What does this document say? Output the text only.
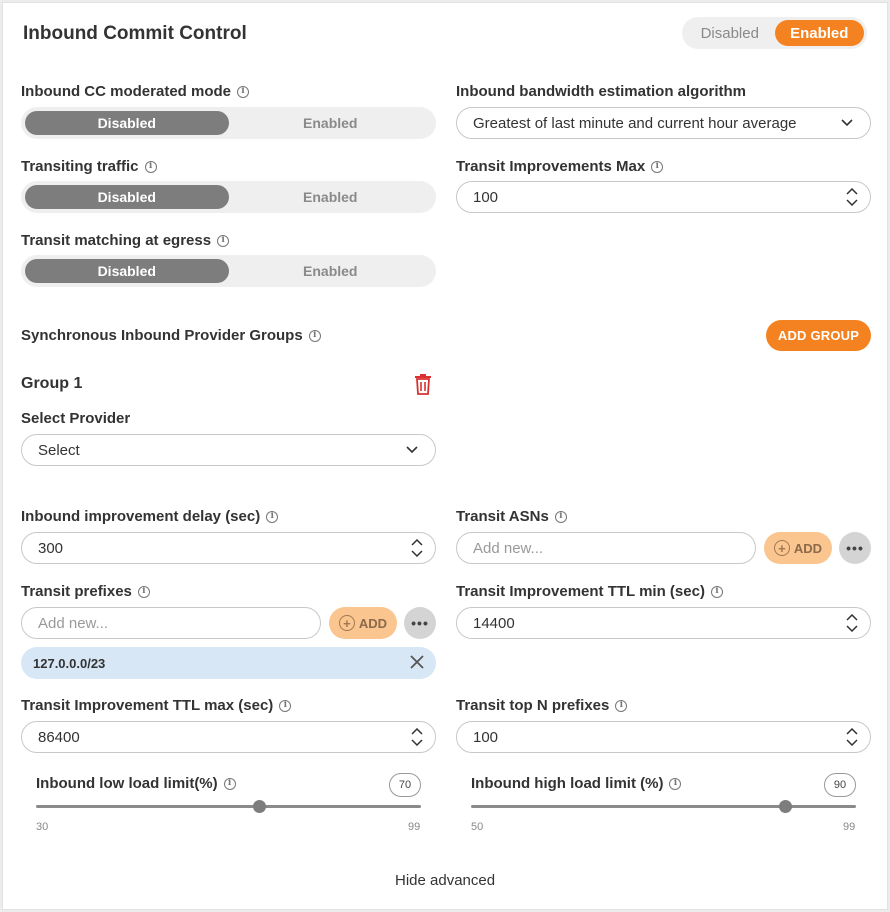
Inbound Commit Control	Disabled	Enabled
Inbound CC moderated mode	i
Disabled	Enabled
Transiting traffic	i
Disabled	Enabled
Transit matching at egress	i
Disabled	Enabled
Inbound bandwidth estimation algorithm
Greatest of last minute and current hour average
Transit Improvements Max	i
100
Synchronous Inbound Provider Groups	i	ADD GROUP
Group 1
Select Provider
Select
Inbound improvement delay (sec)	i
300
Transit prefixes	i
Add new...	+ ADD	•••
127.0.0.0/23
Transit Improvement TTL max (sec)	i
86400
Transit ASNs	i
Add new...	+ ADD	•••
Transit Improvement TTL min (sec)	i
14400
Transit top N prefixes	i
100
Inbound low load limit(%)	i	70
30	99
Inbound high load limit (%)	i	90
50	99
Hide advanced
